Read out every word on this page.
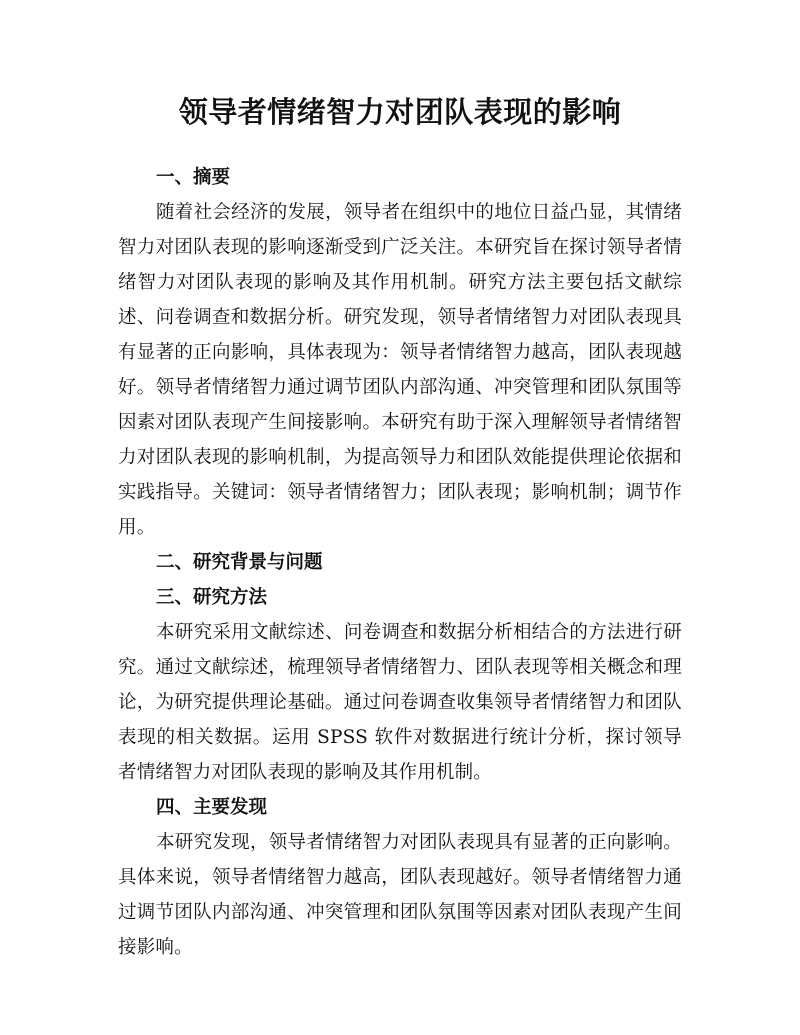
领导者情绪智力对团队表现的影响
一、摘要

随着社会经济的发展，领导者在组织中的地位日益凸显，其情绪智力对团队表现的影响逐渐受到广泛关注。本研究旨在探讨领导者情绪智力对团队表现的影响及其作用机制。研究方法主要包括文献综述、问卷调查和数据分析。研究发现，领导者情绪智力对团队表现具有显著的正向影响，具体表现为：领导者情绪智力越高，团队表现越好。领导者情绪智力通过调节团队内部沟通、冲突管理和团队氛围等因素对团队表现产生间接影响。本研究有助于深入理解领导者情绪智力对团队表现的影响机制，为提高领导力和团队效能提供理论依据和实践指导。关键词：领导者情绪智力；团队表现；影响机制；调节作用。

二、研究背景与问题
三、研究方法

本研究采用文献综述、问卷调查和数据分析相结合的方法进行研究。通过文献综述，梳理领导者情绪智力、团队表现等相关概念和理论，为研究提供理论基础。通过问卷调查收集领导者情绪智力和团队表现的相关数据。运用 SPSS 软件对数据进行统计分析，探讨领导者情绪智力对团队表现的影响及其作用机制。

四、主要发现

本研究发现，领导者情绪智力对团队表现具有显著的正向影响。具体来说，领导者情绪智力越高，团队表现越好。领导者情绪智力通过调节团队内部沟通、冲突管理和团队氛围等因素对团队表现产生间接影响。
